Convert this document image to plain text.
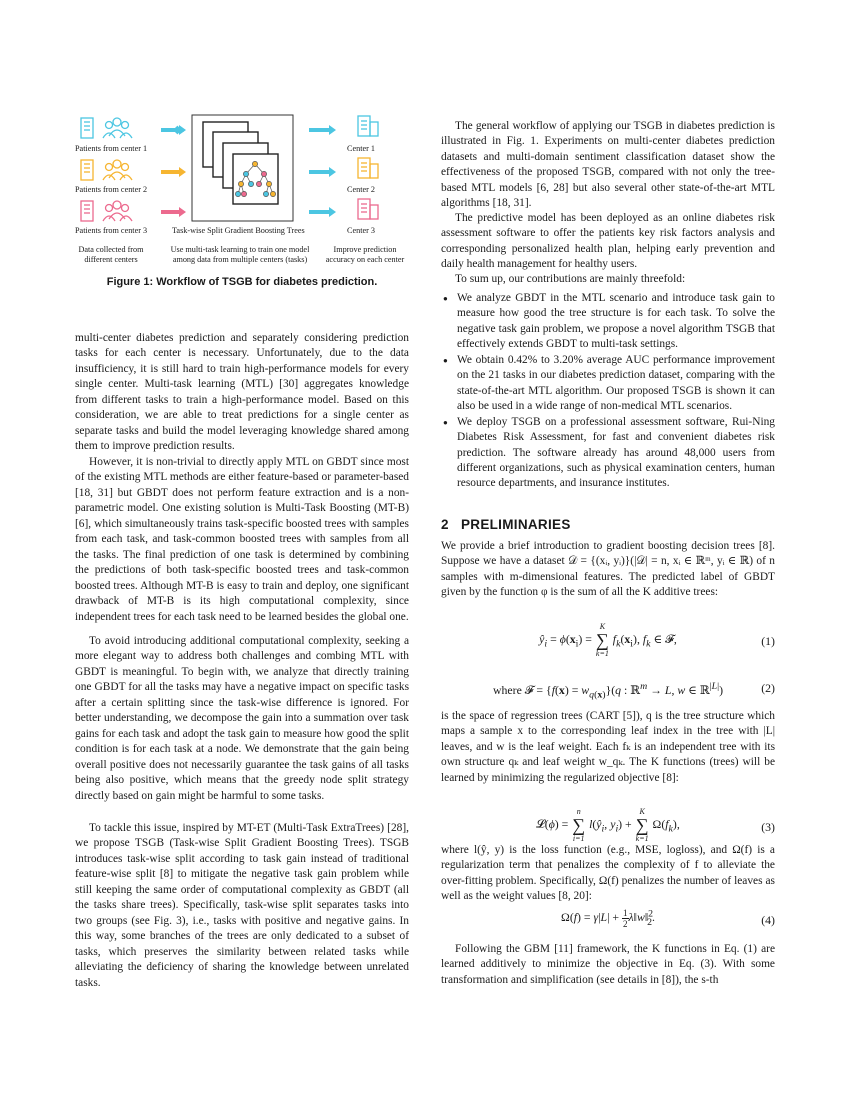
Patients from center 1
Patients from center 2
Patients from center 3
Center 1
Center 2
Center 3
Task-wise Split Gradient Boosting Trees
Data collected from different centers
Use multi-task learning to train one model among data from multiple centers (tasks)
Improve prediction accuracy on each center
Figure 1: Workflow of TSGB for diabetes prediction.

multi-center diabetes prediction and separately considering prediction tasks for each center is necessary. Unfortunately, due to the data insufficiency, it is still hard to train high-performance models for every single center. Multi-task learning (MTL) [30] aggregates knowledge from different tasks to train a high-performance model. Based on this consideration, we are able to treat predictions for a single center as separate tasks and build the model leveraging knowledge shared among them to improve prediction results.

However, it is non-trivial to directly apply MTL on GBDT since most of the existing MTL methods are either feature-based or parameter-based [18, 31] but GBDT does not perform feature extraction and is a non-parametric model. One existing solution is Multi-Task Boosting (MT-B) [6], which simultaneously trains task-specific boosted trees with samples from each task, and task-common boosted trees with samples from all the tasks. The final prediction of one task is determined by combining the predictions of both task-specific boosted trees and task-common boosted trees. Although MT-B is easy to train and deploy, one significant drawback of MT-B is its high computational complexity, since independent trees for each task need to be learned besides the global one.

To avoid introducing additional computational complexity, seeking a more elegant way to address both challenges and combing MTL with GBDT is meaningful. To begin with, we analyze that directly training one GBDT for all the tasks may have a negative impact on specific tasks after a certain splitting since the task-wise difference is ignored. For better understanding, we decompose the gain into a summation over task gains for each task and adopt the task gain to measure how good the split condition is for each task at a node. We demonstrate that the gain being overall positive does not necessarily guarantee the task gains of all tasks being also positive, which means that the greedy node split strategy directly based on gain might be harmful to some tasks.

To tackle this issue, inspired by MT-ET (Multi-Task ExtraTrees) [28], we propose TSGB (Task-wise Split Gradient Boosting Trees). TSGB introduces task-wise split according to task gain instead of traditional feature-wise split [8] to mitigate the negative task gain problem while still keeping the same order of computational complexity as GBDT (all the tasks share trees). Specifically, task-wise split separates tasks into two groups (see Fig. 3), i.e., tasks with positive and negative gains. In this way, some branches of the trees are only dedicated to a subset of tasks, which preserves the similarity between related tasks while alleviating the deficiency of sharing the knowledge between unrelated tasks.

The general workflow of applying our TSGB in diabetes prediction is illustrated in Fig. 1. Experiments on multi-center diabetes prediction datasets and multi-domain sentiment classification dataset show the effectiveness of the proposed TSGB, compared with not only the tree-based MTL models [6, 28] but also several other state-of-the-art MTL algorithms [18, 31].

The predictive model has been deployed as an online diabetes risk assessment software to offer the patients key risk factors analysis and corresponding personalized health plan, helping early prevention and daily health management for healthy users.

To sum up, our contributions are mainly threefold:

● We analyze GBDT in the MTL scenario and introduce task gain to measure how good the tree structure is for each task. To solve the negative task gain problem, we propose a novel algorithm TSGB that effectively extends GBDT to multi-task settings.
● We obtain 0.42% to 3.20% average AUC performance improvement on the 21 tasks in our diabetes prediction dataset, comparing with the state-of-the-art MTL algorithm. Our proposed TSGB is shown it can also be used in a wide range of non-medical MTL scenarios.
● We deploy TSGB on a professional assessment software, Rui-Ning Diabetes Risk Assessment, for fast and convenient diabetes risk prediction. The software already has around 48,000 users from different organizations, such as physical examination centers, human resource departments, and insurance institutes.
2 PRELIMINARIES

We provide a brief introduction to gradient boosting decision trees [8]. Suppose we have a dataset 𝒟 = {(xᵢ, yᵢ)}(|𝒟| = n, xᵢ ∈ ℝᵐ, yᵢ ∈ ℝ) of n samples with m-dimensional features. The predicted label of GBDT given by the function φ is the sum of all the K additive trees:

$ŷ_i = \phi(x_i)$ =
K
∑
k=1
$f_k(x_i)$, $f_k$ ∈ 𝓕,	(1)
where 𝓕 = $\{f(x) = w_{q(x)}\}(q$ : ℝ$^m$ → L, w ∈ ℝ$^{|L|}$)	(2)

is the space of regression trees (CART [5]), q is the tree structure which maps a sample x to the corresponding leaf index in the tree with |L| leaves, and w is the leaf weight. Each fₖ is an independent tree with its own structure qₖ and leaf weight w_qₖ. The K functions (trees) will be learned by minimizing the regularized objective [8]:

𝓛(ϕ) =
n
∑
i=1
$l(ŷ_i$, $y_i$) +
K
∑
k=1
$\Omega(f_k)$,	(3)

where l(ŷ, y) is the loss function (e.g., MSE, logloss), and Ω(f) is a regularization term that penalizes the complexity of f to alleviate the over-fitting problem. Specifically, Ω(f) penalizes the number of leaves as well as the weight values [8, 20]:

$\Omega(f) = \gamma|L| + \frac{1}{2}$ λ‖w‖$^2_2$.	(4)

Following the GBM [11] framework, the K functions in Eq. (1) are learned additively to minimize the objective in Eq. (3). With some transformation and simplification (see details in [8]), the s-th
